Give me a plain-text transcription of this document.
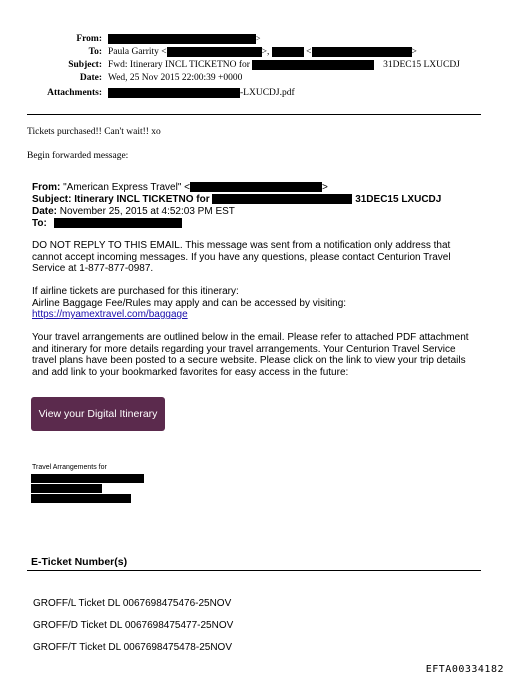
From:	>
To: Paula Garrity <	>,	<	>
Subject: Fwd: Itinerary INCL TICKETNO for	31DEC15 LXUCDJ
Date: Wed, 25 Nov 2015 22:00:39 +0000
Attachments:	-LXUCDJ.pdf
Tickets purchased!! Can't wait!! xo
Begin forwarded message:
From: "American Express Travel" <	>
Subject: Itinerary INCL TICKETNO for	31DEC15 LXUCDJ
Date: November 25, 2015 at 4:52:03 PM EST
To:
DO NOT REPLY TO THIS EMAIL. This message was sent from a notification only address that cannot accept incoming messages. If you have any questions, please contact Centurion Travel Service at 1-877-877-0987.
If airline tickets are purchased for this itinerary:
Airline Baggage Fee/Rules may apply and can be accessed by visiting:
https://myamextravel.com/baggage
Your travel arrangements are outlined below in the email. Please refer to attached PDF attachment and itinerary for more details regarding your travel arrangements. Your Centurion Travel Service travel plans have been posted to a secure website. Please click on the link to view your trip details and add link to your bookmarked favorites for easy access in the future:
View your Digital Itinerary
Travel Arrangements for
E-Ticket Number(s)
GROFF/L Ticket DL 0067698475476-25NOV
GROFF/D Ticket DL 0067698475477-25NOV
GROFF/T Ticket DL 0067698475478-25NOV
EFTA00334182
